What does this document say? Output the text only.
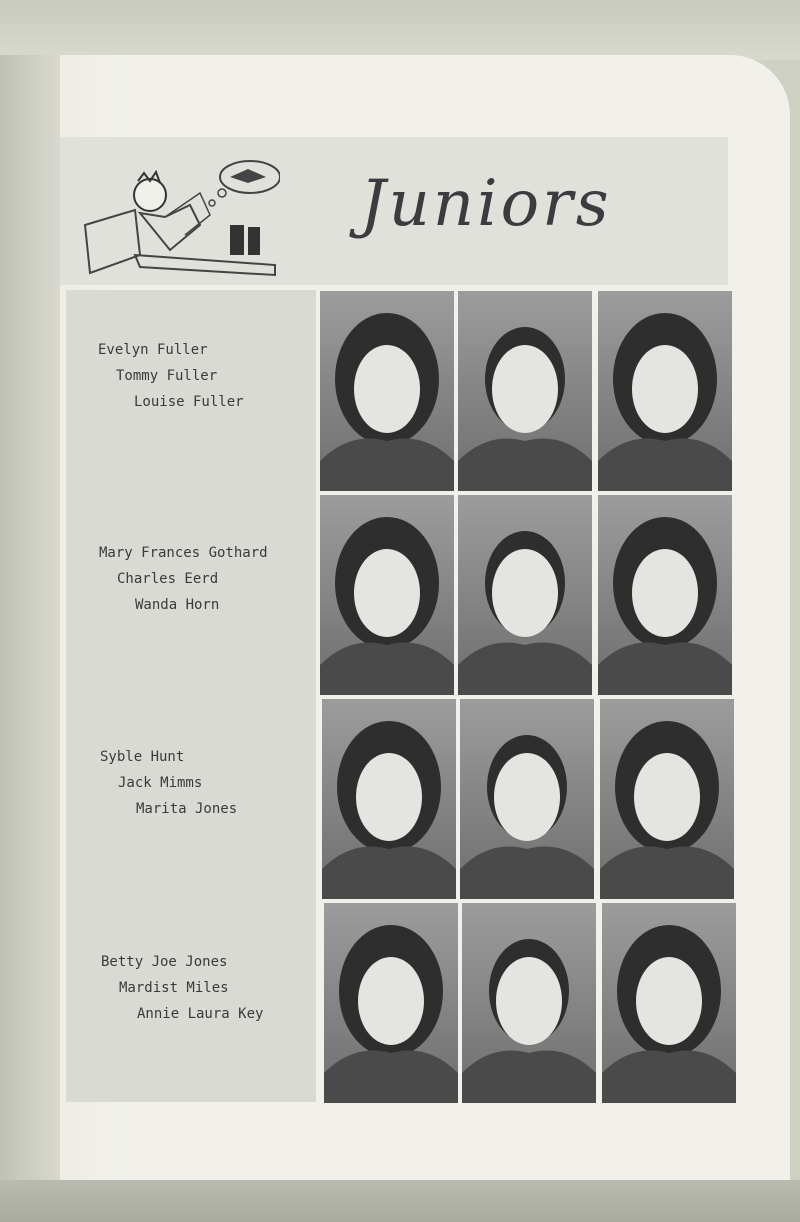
Juniors
Evelyn Fuller
Tommy Fuller
Louise Fuller
Mary Frances Gothard
Charles Eerd
Wanda Horn
Syble Hunt
Jack Mimms
Marita Jones
Betty Joe Jones
Mardist Miles
Annie Laura Key
